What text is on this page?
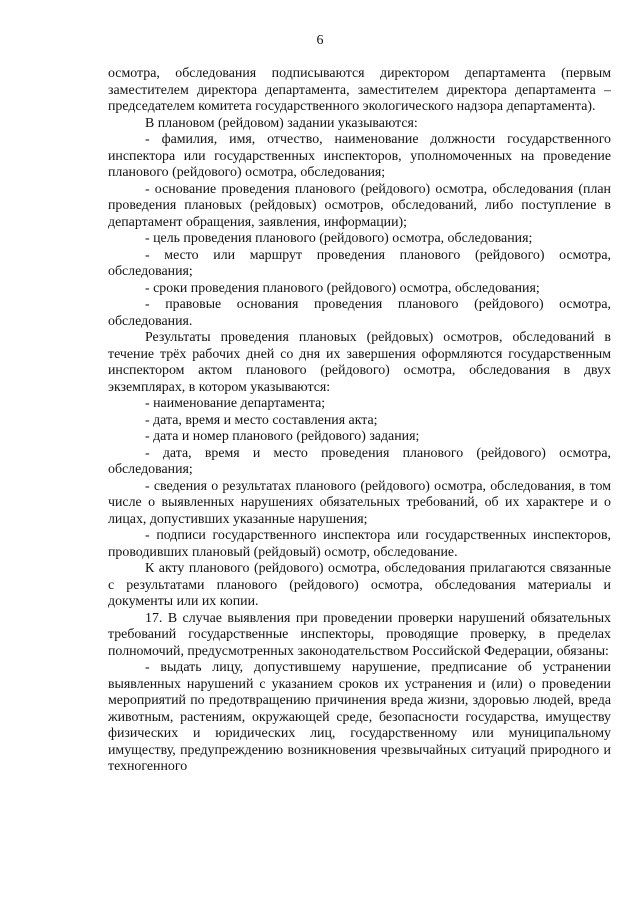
6

осмотра, обследования подписываются директором департамента (первым заместителем директора департамента, заместителем директора департамента – председателем комитета государственного экологического надзора департамента).

В плановом (рейдовом) задании указываются:

- фамилия, имя, отчество, наименование должности государственного инспектора или государственных инспекторов, уполномоченных на проведение планового (рейдового) осмотра, обследования;

- основание проведения планового (рейдового) осмотра, обследования (план проведения плановых (рейдовых) осмотров, обследований, либо поступление в департамент обращения, заявления, информации);

- цель проведения планового (рейдового) осмотра, обследования;

- место или маршрут проведения планового (рейдового) осмотра, обследования;

- сроки проведения планового (рейдового) осмотра, обследования;

- правовые основания проведения планового (рейдового) осмотра, обследования.

Результаты проведения плановых (рейдовых) осмотров, обследований в течение трёх рабочих дней со дня их завершения оформляются государственным инспектором актом планового (рейдового) осмотра, обследования в двух экземплярах, в котором указываются:

- наименование департамента;

- дата, время и место составления акта;

- дата и номер планового (рейдового) задания;

- дата, время и место проведения планового (рейдового) осмотра, обследования;

- сведения о результатах планового (рейдового) осмотра, обследования, в том числе о выявленных нарушениях обязательных требований, об их характере и о лицах, допустивших указанные нарушения;

- подписи государственного инспектора или государственных инспекторов, проводивших плановый (рейдовый) осмотр, обследование.

К акту планового (рейдового) осмотра, обследования прилагаются связанные с результатами планового (рейдового) осмотра, обследования материалы и документы или их копии.

17. В случае выявления при проведении проверки нарушений обязательных требований государственные инспекторы, проводящие проверку, в пределах полномочий, предусмотренных законодательством Российской Федерации, обязаны:

- выдать лицу, допустившему нарушение, предписание об устранении выявленных нарушений с указанием сроков их устранения и (или) о проведении мероприятий по предотвращению причинения вреда жизни, здоровью людей, вреда животным, растениям, окружающей среде, безопасности государства, имуществу физических и юридических лиц, государственному или муниципальному имуществу, предупреждению возникновения чрезвычайных ситуаций природного и техногенного
